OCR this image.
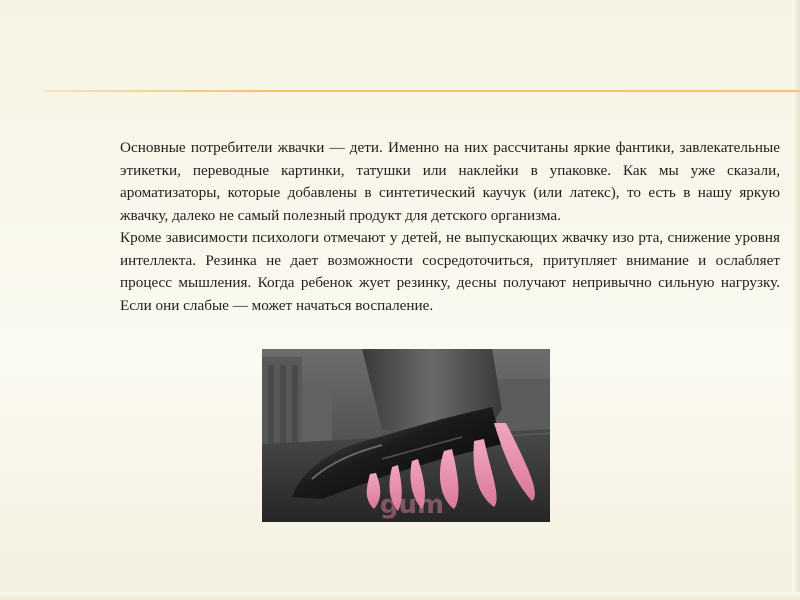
Основные потребители жвачки — дети. Именно на них рассчитаны яркие фантики, завлекательные этикетки, переводные картинки, татушки или наклейки в упаковке. Как мы уже сказали, ароматизаторы, которые добавлены в синтетический каучук (или латекс), то есть в нашу яркую жвачку, далеко не самый полезный продукт для детского организма.
Кроме зависимости психологи отмечают у детей, не выпускающих жвачку изо рта, снижение уровня интеллекта. Резинка не дает возможности сосредоточиться, притупляет внимание и ослабляет процесс мышления. Когда ребенок жует резинку, десны получают непривычно сильную нагрузку. Если они слабые — может начаться воспаление.
gum
